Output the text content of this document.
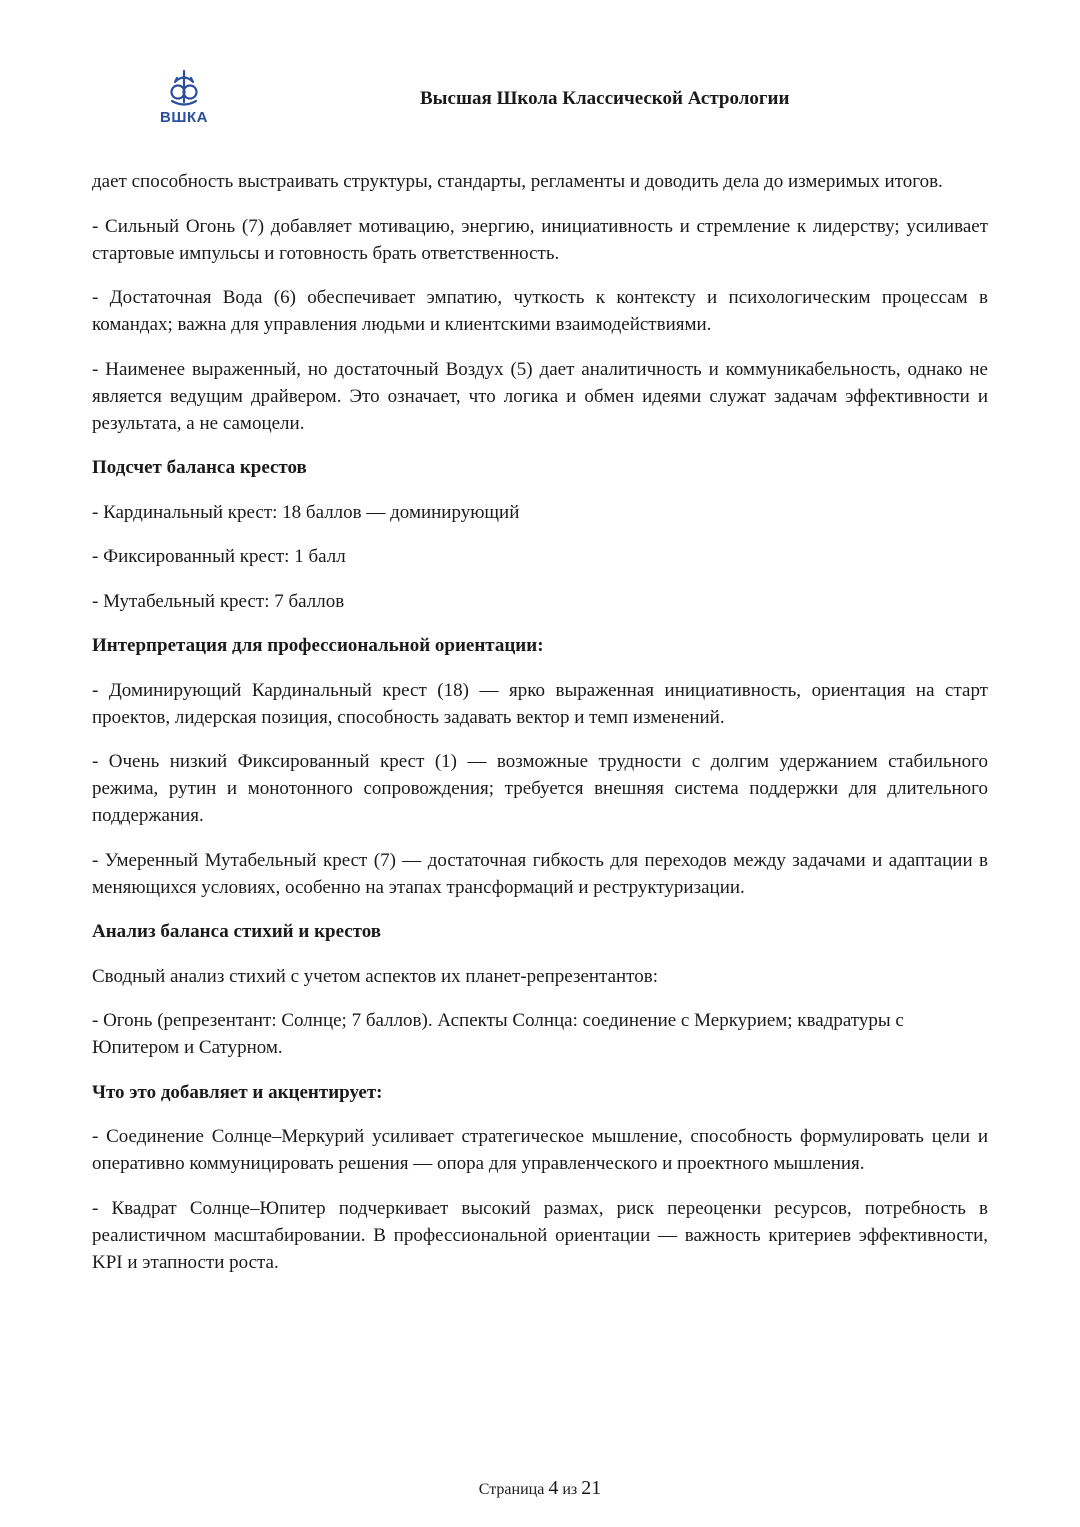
ВШКА
Высшая Школа Классической Астрологии

дает способность выстраивать структуры, стандарты, регламенты и доводить дела до измеримых итогов.

- Сильный Огонь (7) добавляет мотивацию, энергию, инициативность и стремление к лидерству; усиливает стартовые импульсы и готовность брать ответственность.

- Достаточная Вода (6) обеспечивает эмпатию, чуткость к контексту и психологическим процессам в командах; важна для управления людьми и клиентскими взаимодействиями.

- Наименее выраженный, но достаточный Воздух (5) дает аналитичность и коммуникабельность, однако не является ведущим драйвером. Это означает, что логика и обмен идеями служат задачам эффективности и результата, а не самоцели.

Подсчет баланса крестов

- Кардинальный крест: 18 баллов — доминирующий

- Фиксированный крест: 1 балл

- Мутабельный крест: 7 баллов

Интерпретация для профессиональной ориентации:

- Доминирующий Кардинальный крест (18) — ярко выраженная инициативность, ориентация на старт проектов, лидерская позиция, способность задавать вектор и темп изменений.

- Очень низкий Фиксированный крест (1) — возможные трудности с долгим удержанием стабильного режима, рутин и монотонного сопровождения; требуется внешняя система поддержки для длительного поддержания.

- Умеренный Мутабельный крест (7) — достаточная гибкость для переходов между задачами и адаптации в меняющихся условиях, особенно на этапах трансформаций и реструктуризации.

Анализ баланса стихий и крестов

Сводный анализ стихий с учетом аспектов их планет-репрезентантов:

- Огонь (репрезентант: Солнце; 7 баллов). Аспекты Солнца: соединение с Меркурием; квадратуры с Юпитером и Сатурном.

Что это добавляет и акцентирует:

- Соединение Солнце–Меркурий усиливает стратегическое мышление, способность формулировать цели и оперативно коммуницировать решения — опора для управленческого и проектного мышления.

- Квадрат Солнце–Юпитер подчеркивает высокий размах, риск переоценки ресурсов, потребность в реалистичном масштабировании. В профессиональной ориентации — важность критериев эффективности, KPI и этапности роста.

Страница 4 из 21
